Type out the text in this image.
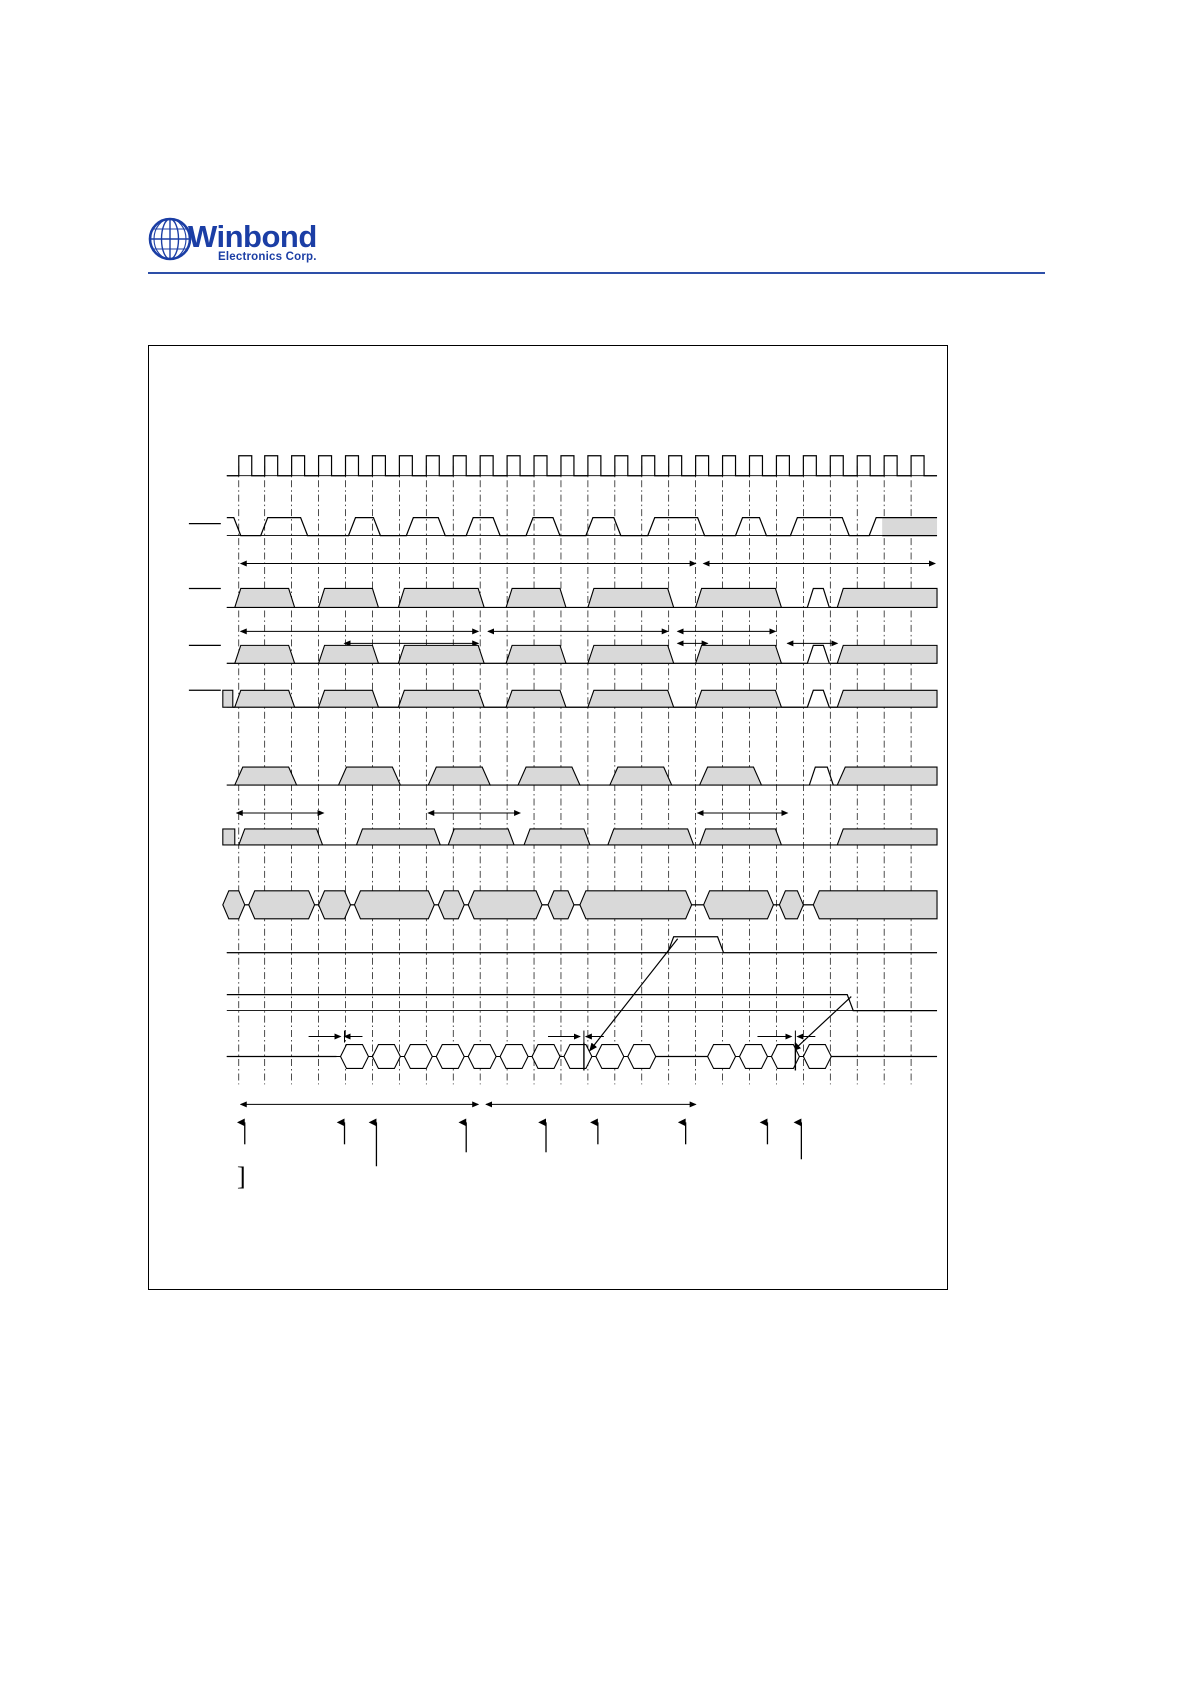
Winbond
Electronics Corp.
]
